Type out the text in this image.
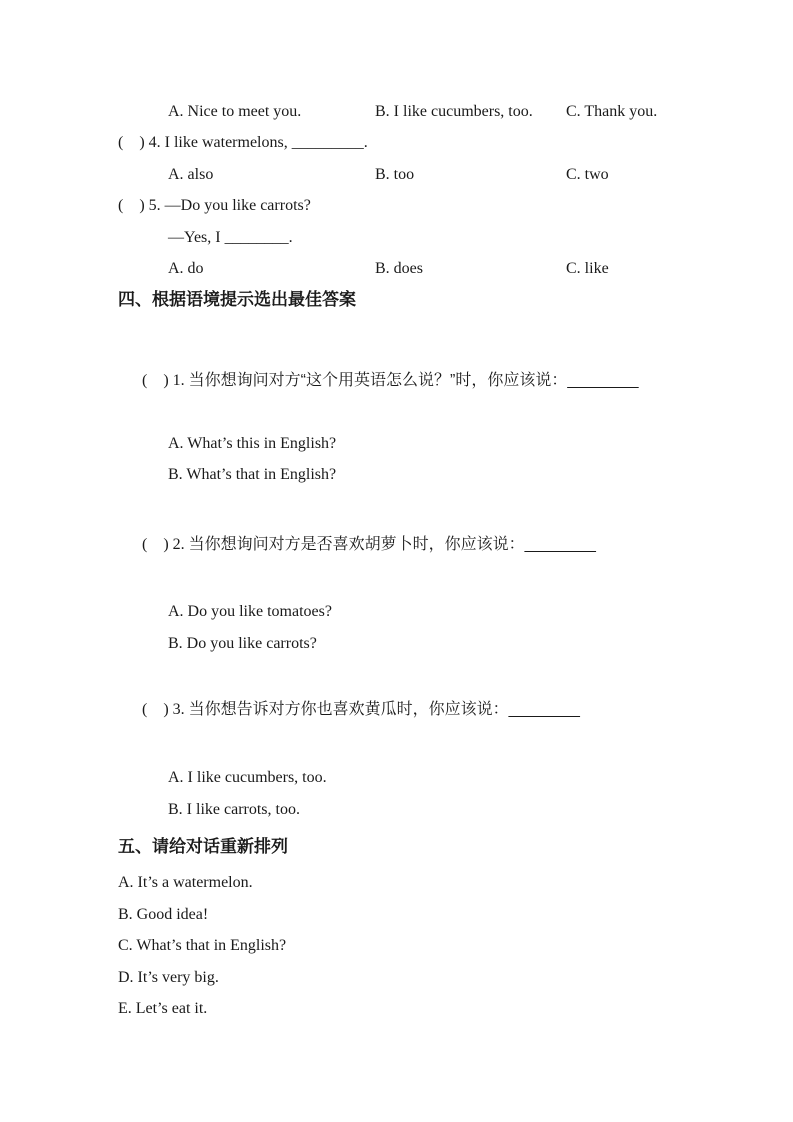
A. Nice to meet you.	B. I like cucumbers, too.	C. Thank you.
(    ) 4. I like watermelons, _________.
A. also	B. too	C. two
(    ) 5. —Do you like carrots?
—Yes, I ________.
A. do	B. does	C. like
四、根据语境提示选出最佳答案

(    ) 1. 当你想询问对方“这个用英语怎么说？”时，你应该说：________

A. What’s this in English?
B. What’s that in English?

(    ) 2. 当你想询问对方是否喜欢胡萝卜时，你应该说：________

A. Do you like tomatoes?
B. Do you like carrots?

(    ) 3. 当你想告诉对方你也喜欢黄瓜时，你应该说：________

A. I like cucumbers, too.
B. I like carrots, too.
五、请给对话重新排列
A. It’s a watermelon.
B. Good idea!
C. What’s that in English?
D. It’s very big.
E. Let’s eat it.
